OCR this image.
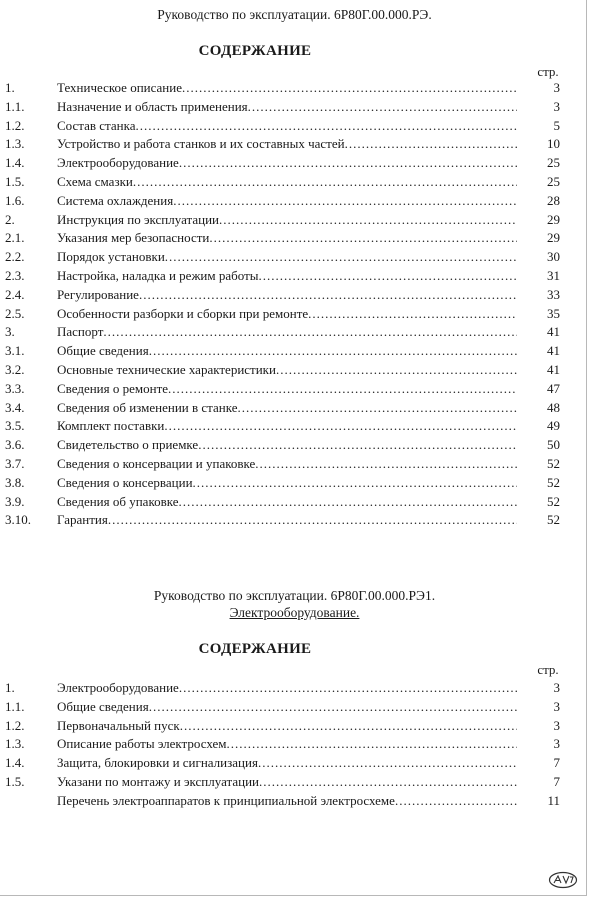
Руководство по эксплуатации. 6Р80Г.00.000.РЭ.
СОДЕРЖАНИЕ
стр.
1.	Техническое описание .....	3
1.1.	Назначение и область применения .....	3
1.2.	Состав станка .....	5
1.3.	Устройство и работа станков и их составных частей .....	10
1.4.	Электрооборудование .....	25
1.5.	Схема смазки .....	25
1.6.	Система охлаждения .....	28
2.	Инструкция по эксплуатации .....	29
2.1.	Указания мер безопасности .....	29
2.2.	Порядок установки .....	30
2.3.	Настройка, наладка и режим работы .....	31
2.4.	Регулирование .....	33
2.5.	Особенности разборки и сборки при ремонте .....	35
3.	Паспорт .....	41
3.1.	Общие сведения .....	41
3.2.	Основные технические характеристики .....	41
3.3.	Сведения о ремонте .....	47
3.4.	Сведения об изменении в станке .....	48
3.5.	Комплект поставки .....	49
3.6.	Свидетельство о приемке .....	50
3.7.	Сведения о консервации и упаковке .....	52
3.8.	Сведения о консервации .....	52
3.9.	Сведения об упаковке .....	52
3.10. Гарантия .....	52
Руководство по эксплуатации. 6Р80Г.00.000.РЭ1.
Электрооборудование.
СОДЕРЖАНИЕ
стр.
1.	Электрооборудование .....	3
1.1.	Общие сведения .....	3
1.2.	Первоначальный пуск .....	3
1.3.	Описание работы электросхем .....	3
1.4.	Защита, блокировки и сигнализация .....	7
1.5.	Указани по монтажу и эксплуатации .....	7
Перечень электроаппаратов к принципиальной электросхеме .....	11
